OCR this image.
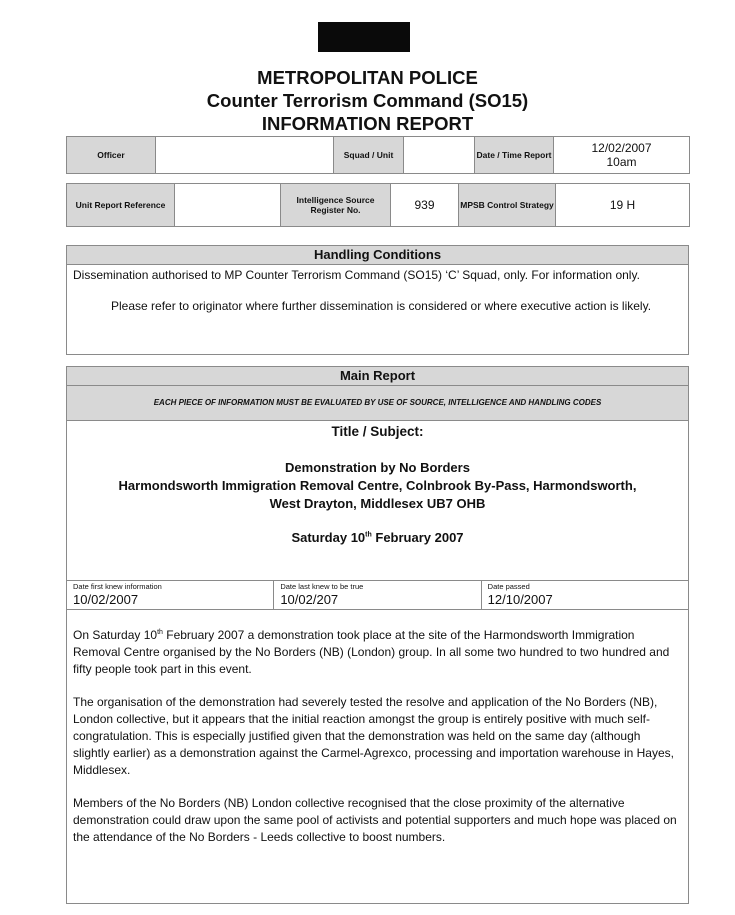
METROPOLITAN POLICE
Counter Terrorism Command (SO15)
INFORMATION REPORT
Officer		Squad / Unit		Date / Time Report	12/02/2007
10am
Unit Report Reference		Intelligence Source Register No.	939	MPSB Control Strategy	19 H
Handling Conditions

Dissemination authorised to MP Counter Terrorism Command (SO15) ‘C’ Squad, only. For information only.

Please refer to originator where further dissemination is considered or where executive action is likely.

Main Report
EACH PIECE OF INFORMATION MUST BE EVALUATED BY USE OF SOURCE, INTELLIGENCE AND HANDLING CODES
Title / Subject:
Demonstration by No Borders
Harmondsworth Immigration Removal Centre, Colnbrook By-Pass, Harmondsworth,
West Drayton, Middlesex UB7 OHB
Saturday 10th February 2007
Date first knew information
10/02/2007
Date last knew to be true
10/02/207
Date passed
12/10/2007

On Saturday 10th February 2007 a demonstration took place at the site of the Harmondsworth Immigration Removal Centre organised by the No Borders (NB) (London) group. In all some two hundred to two hundred and fifty people took part in this event.

The organisation of the demonstration had severely tested the resolve and application of the No Borders (NB), London collective, but it appears that the initial reaction amongst the group is entirely positive with much self-congratulation. This is especially justified given that the demonstration was held on the same day (although slightly earlier) as a demonstration against the Carmel-Agrexco, processing and importation warehouse in Hayes, Middlesex.

Members of the No Borders (NB) London collective recognised that the close proximity of the alternative demonstration could draw upon the same pool of activists and potential supporters and much hope was placed on the attendance of the No Borders - Leeds collective to boost numbers.
